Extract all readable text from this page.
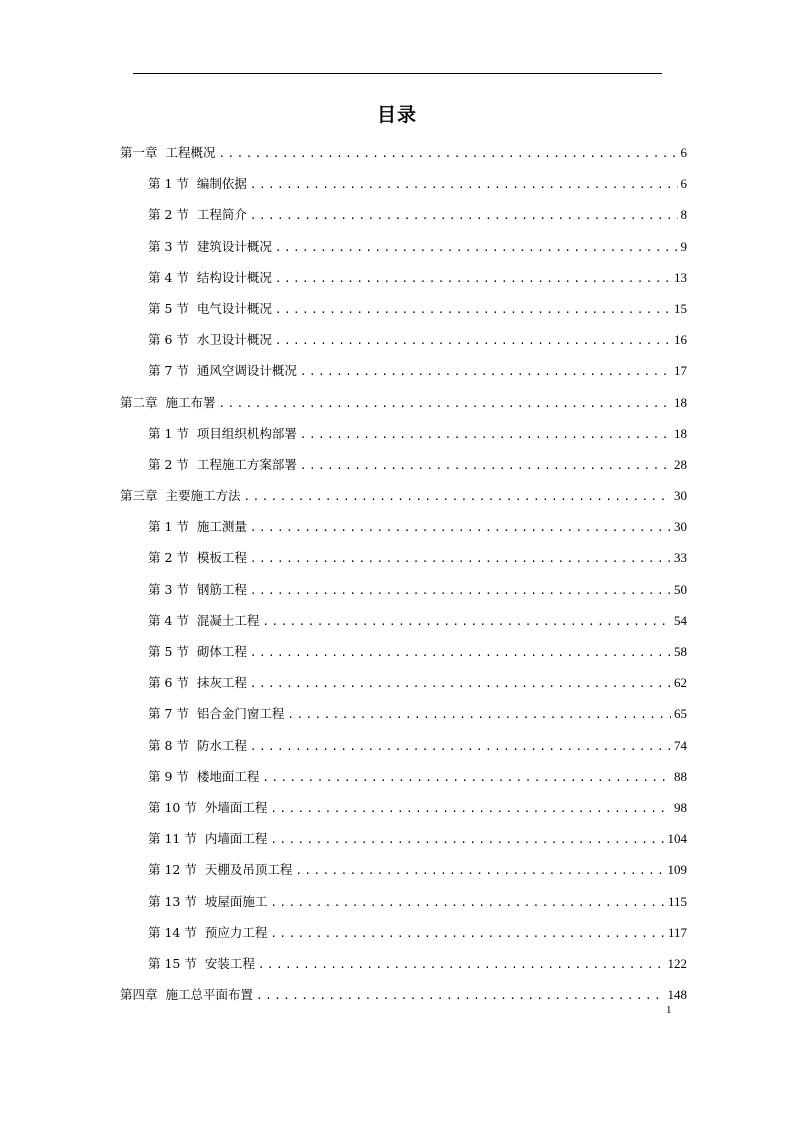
目录
第一章 工程概况 . . .	6
第 1 节 编制依据 . . .	6
第 2 节 工程简介 . . .	8
第 3 节 建筑设计概况 . . .	9
第 4 节 结构设计概况 . . .	13
第 5 节 电气设计概况 . . .	15
第 6 节 水卫设计概况 . . .	16
第 7 节 通风空调设计概况 . . .	17
第二章 施工布署 . . .	18
第 1 节 项目组织机构部署 . . .	18
第 2 节 工程施工方案部署 . . .	28
第三章 主要施工方法 . . .	30
第 1 节 施工测量 . . .	30
第 2 节 模板工程 . . .	33
第 3 节 钢筋工程 . . .	50
第 4 节 混凝土工程 . . .	54
第 5 节 砌体工程 . . .	58
第 6 节 抹灰工程 . . .	62
第 7 节 铝合金门窗工程 . . .	65
第 8 节 防水工程 . . .	74
第 9 节 楼地面工程 . . .	88
第 10 节 外墙面工程 . . .	98
第 11 节 内墙面工程 . . .	104
第 12 节 天棚及吊顶工程 . . .	109
第 13 节 坡屋面施工 . . .	115
第 14 节 预应力工程 . . .	117
第 15 节 安装工程 . . .	122
第四章 施工总平面布置 . . .	148
1
